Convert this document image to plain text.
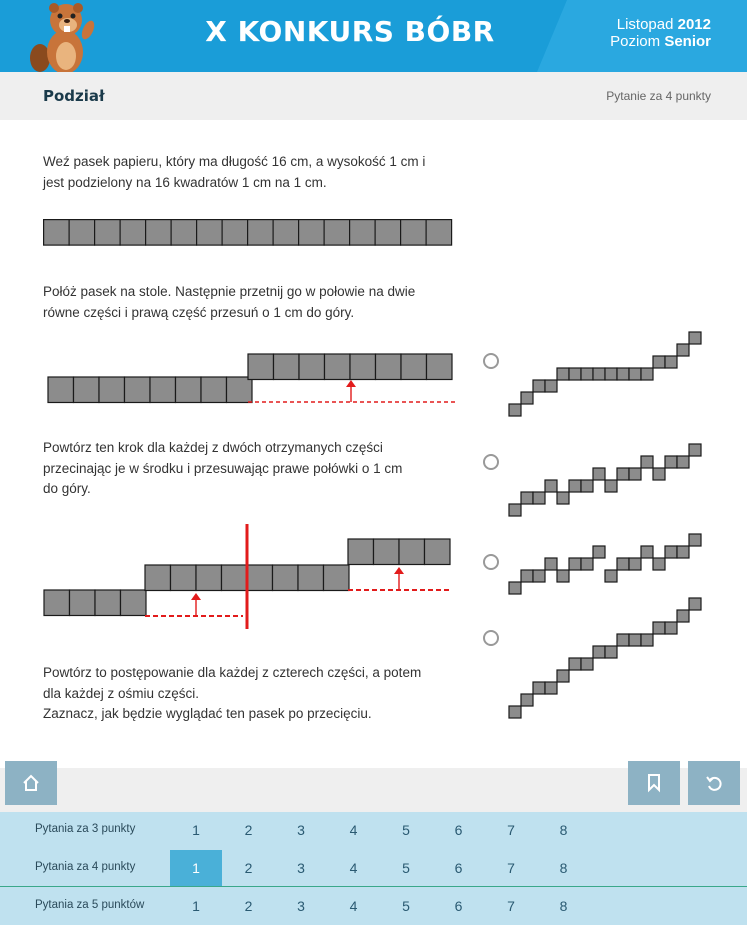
X KONKURS BÓBR	Listopad 2012
Poziom Senior
Podział	Pytanie za 4 punkty
Weź pasek papieru, który ma długość 16 cm, a wysokość 1 cm i
jest podzielony na 16 kwadratów 1 cm na 1 cm.
Połóż pasek na stole. Następnie przetnij go w połowie na dwie
równe części i prawą część przesuń o 1 cm do góry.
Powtórz ten krok dla każdej z dwóch otrzymanych części
przecinając je w środku i przesuwając prawe połówki o 1 cm
do góry.
Powtórz to postępowanie dla każdej z czterech części, a potem
dla każdej z ośmiu części.
Zaznacz, jak będzie wyglądać ten pasek po przecięciu.
Pytania za 3 punkty	1	2	3	4	5	6	7	8
Pytania za 4 punkty	1	2	3	4	5	6	7	8
Pytania za 5 punktów	1	2	3	4	5	6	7	8
